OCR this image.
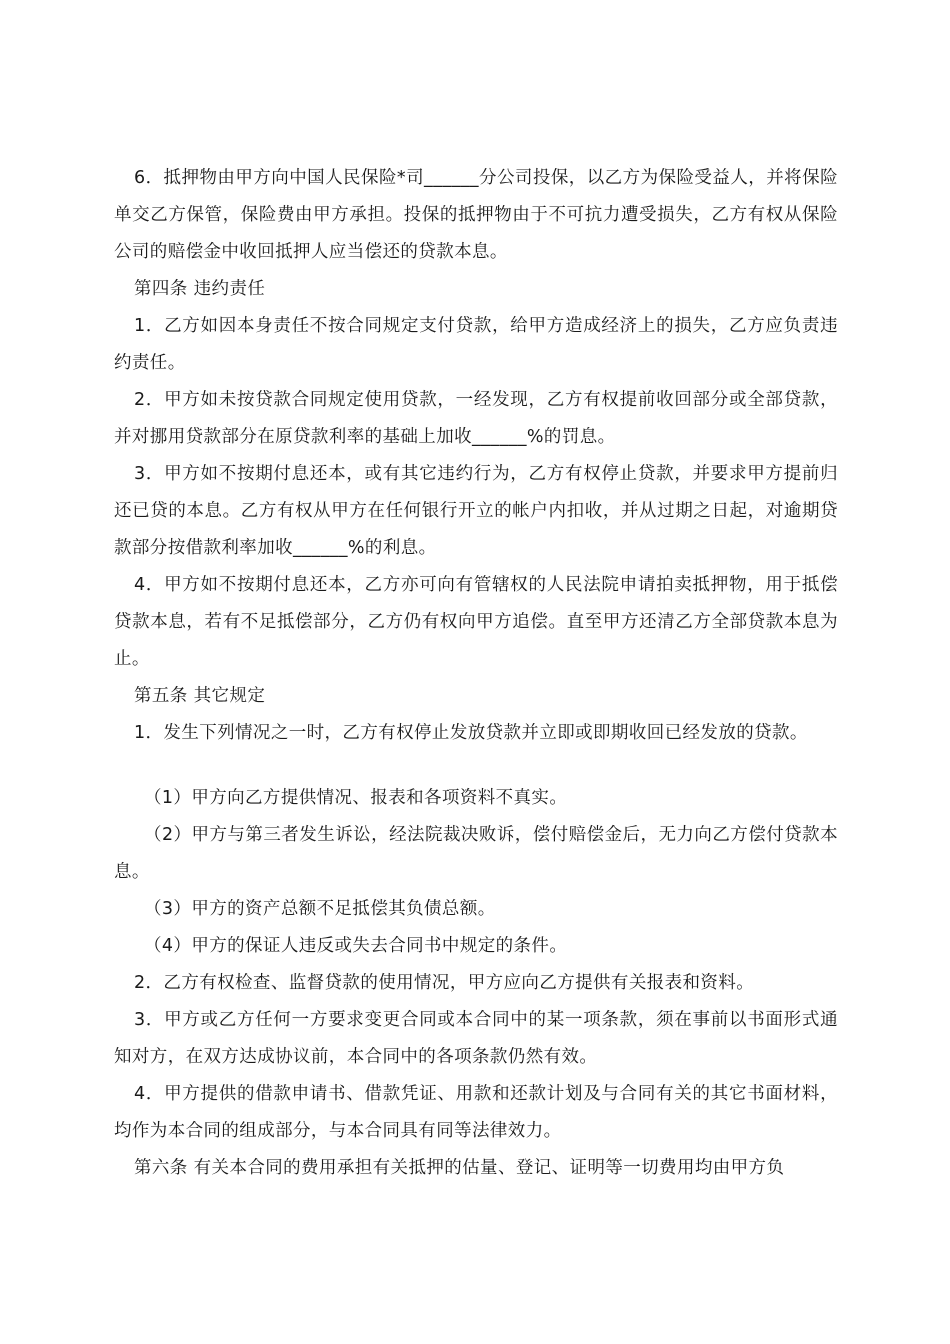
6．抵押物由甲方向中国人民保险*司______分公司投保，以乙方为保险受益人，并将保险单交乙方保管，保险费由甲方承担。投保的抵押物由于不可抗力遭受损失，乙方有权从保险公司的赔偿金中收回抵押人应当偿还的贷款本息。

第四条 违约责任

1．乙方如因本身责任不按合同规定支付贷款，给甲方造成经济上的损失，乙方应负责违约责任。

2．甲方如未按贷款合同规定使用贷款，一经发现，乙方有权提前收回部分或全部贷款，并对挪用贷款部分在原贷款利率的基础上加收______%的罚息。

3．甲方如不按期付息还本，或有其它违约行为，乙方有权停止贷款，并要求甲方提前归还已贷的本息。乙方有权从甲方在任何银行开立的帐户内扣收，并从过期之日起，对逾期贷款部分按借款利率加收______%的利息。

4．甲方如不按期付息还本，乙方亦可向有管辖权的人民法院申请拍卖抵押物，用于抵偿贷款本息，若有不足抵偿部分，乙方仍有权向甲方追偿。直至甲方还清乙方全部贷款本息为止。

第五条 其它规定

1．发生下列情况之一时，乙方有权停止发放贷款并立即或即期收回已经发放的贷款。

（1）甲方向乙方提供情况、报表和各项资料不真实。

（2）甲方与第三者发生诉讼，经法院裁决败诉，偿付赔偿金后，无力向乙方偿付贷款本息。

（3）甲方的资产总额不足抵偿其负债总额。

（4）甲方的保证人违反或失去合同书中规定的条件。

2．乙方有权检查、监督贷款的使用情况，甲方应向乙方提供有关报表和资料。

3．甲方或乙方任何一方要求变更合同或本合同中的某一项条款，须在事前以书面形式通知对方，在双方达成协议前，本合同中的各项条款仍然有效。

4．甲方提供的借款申请书、借款凭证、用款和还款计划及与合同有关的其它书面材料，均作为本合同的组成部分，与本合同具有同等法律效力。

第六条 有关本合同的费用承担有关抵押的估量、登记、证明等一切费用均由甲方负
